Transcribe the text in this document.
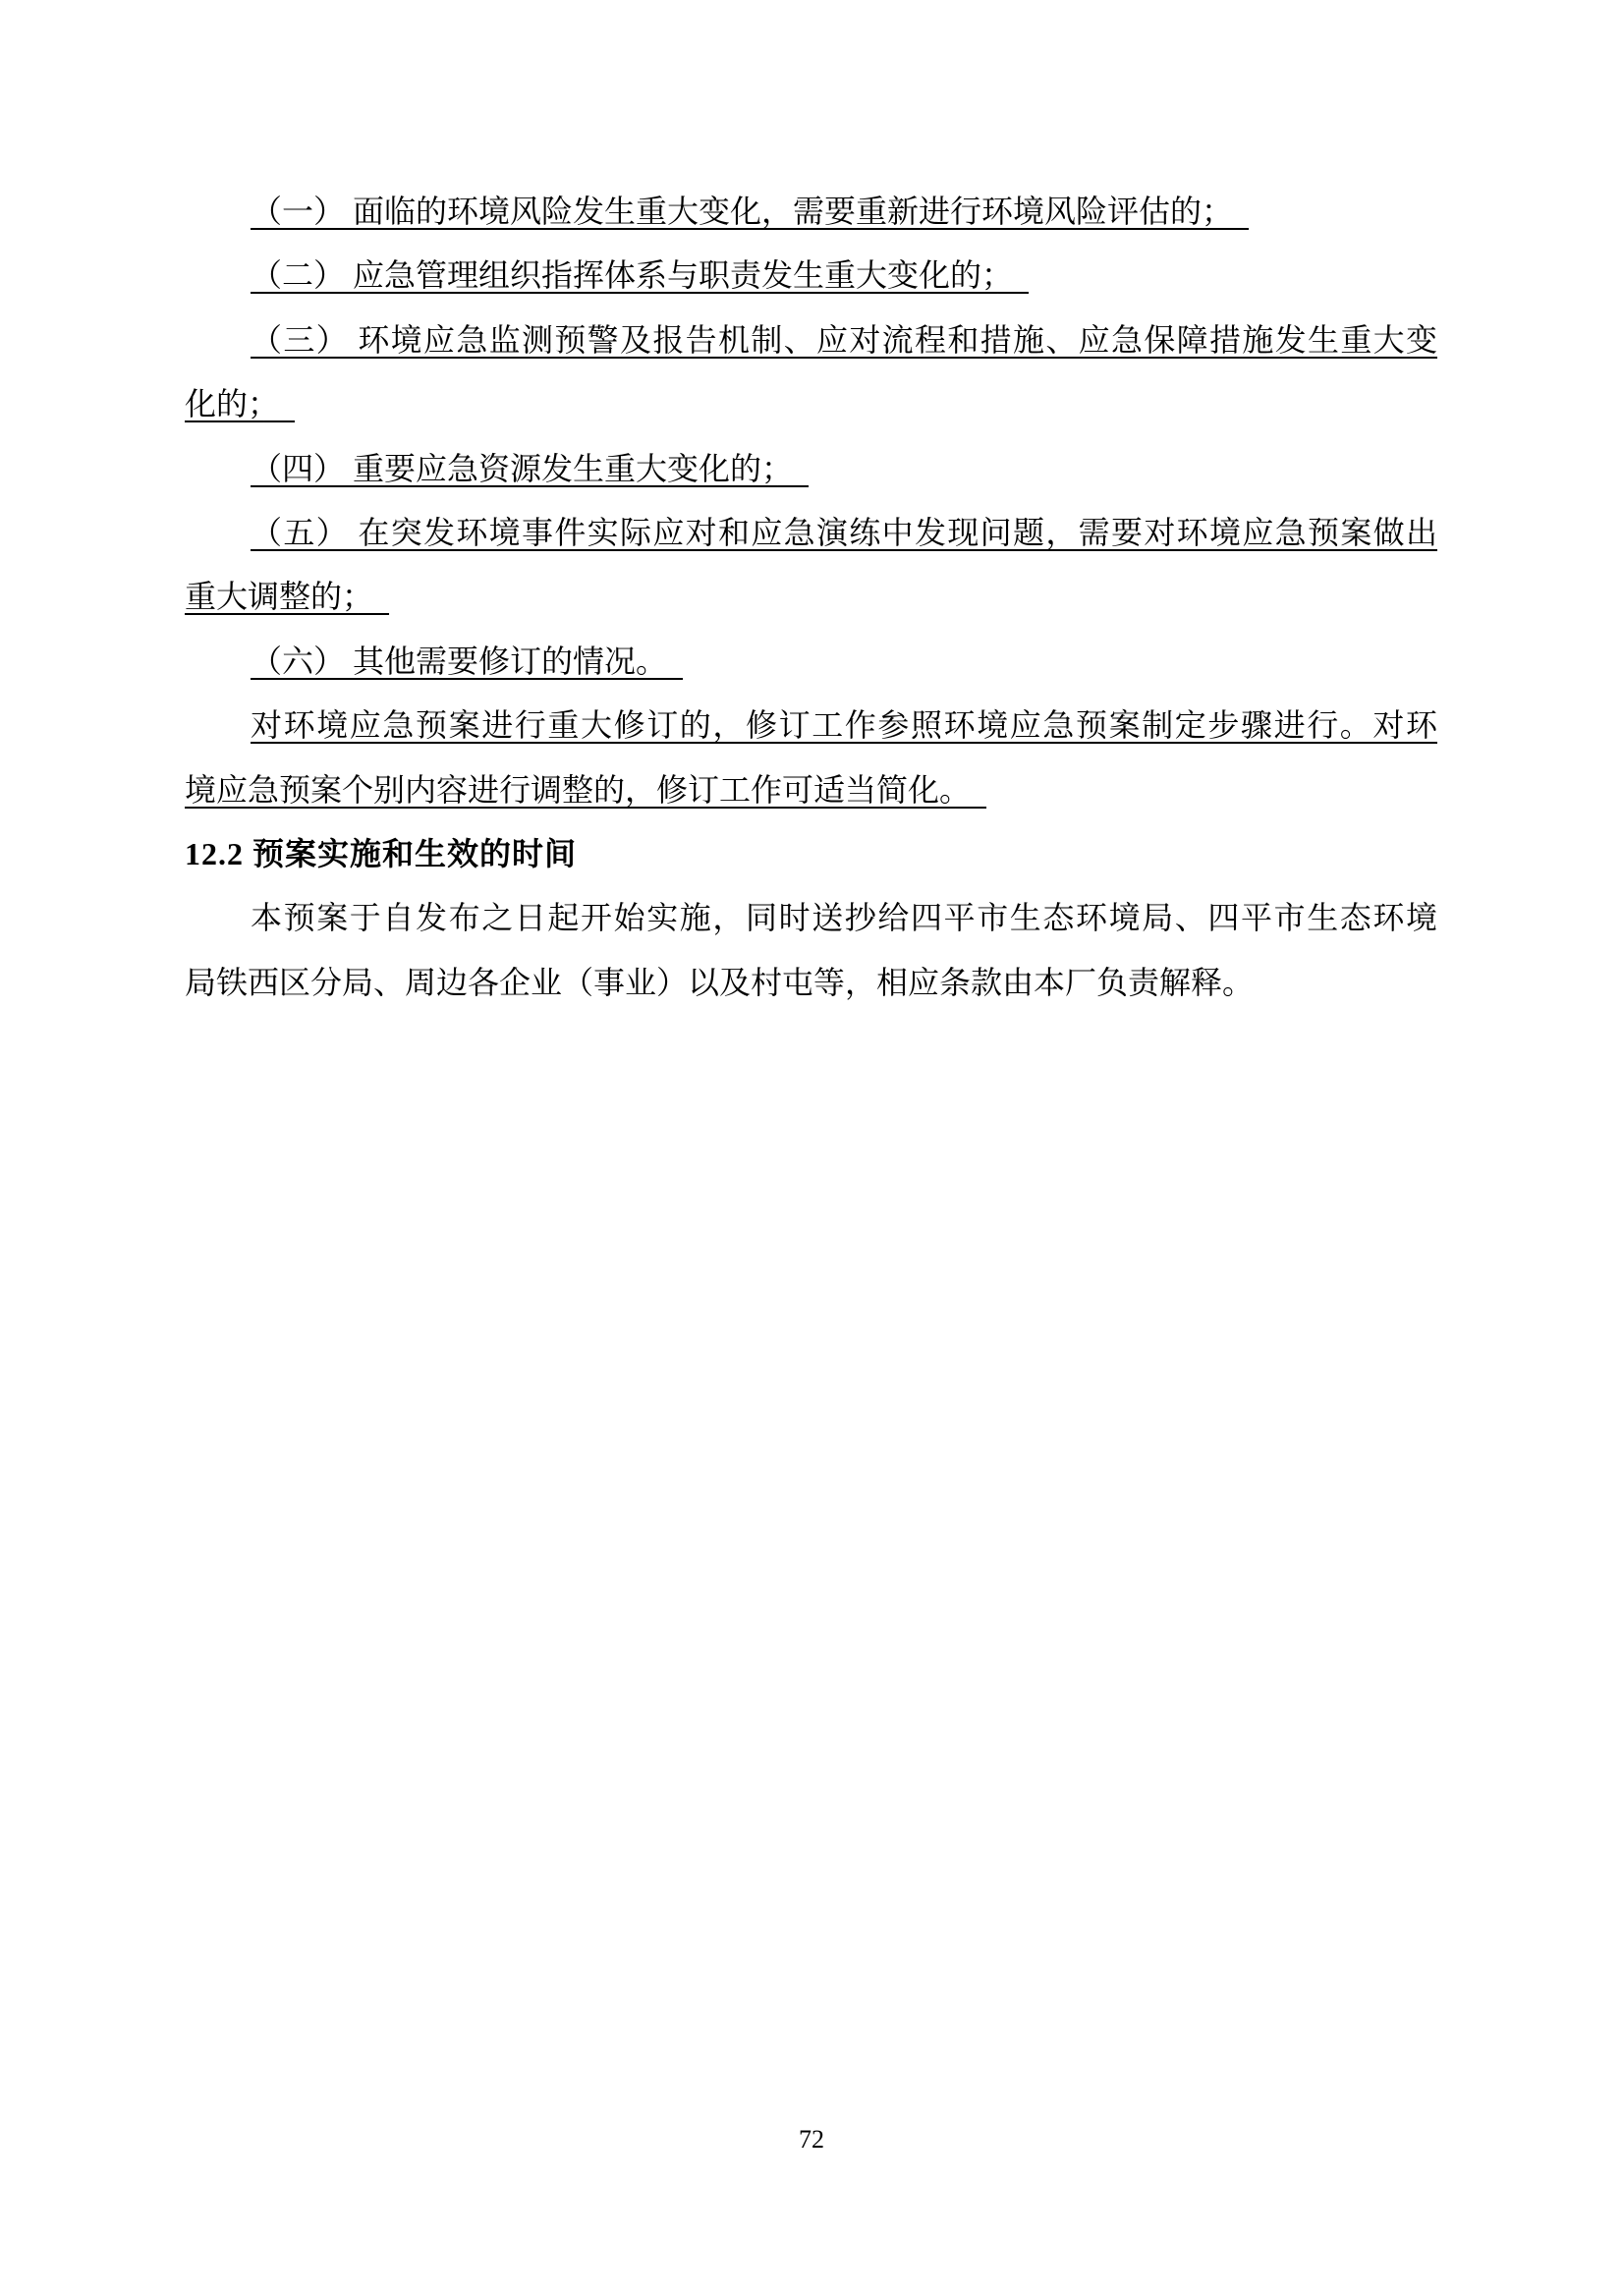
（一） 面临的环境风险发生重大变化，需要重新进行环境风险评估的；
（二） 应急管理组织指挥体系与职责发生重大变化的；
（三） 环境应急监测预警及报告机制、应对流程和措施、应急保障措施发生重大变
化的；
（四） 重要应急资源发生重大变化的；
（五） 在突发环境事件实际应对和应急演练中发现问题，需要对环境应急预案做出
重大调整的；
（六） 其他需要修订的情况。
对环境应急预案进行重大修订的，修订工作参照环境应急预案制定步骤进行。对环
境应急预案个别内容进行调整的，修订工作可适当简化。
12.2 预案实施和生效的时间
本预案于自发布之日起开始实施，同时送抄给四平市生态环境局、四平市生态环境
局铁西区分局、周边各企业（事业）以及村屯等，相应条款由本厂负责解释。
72
